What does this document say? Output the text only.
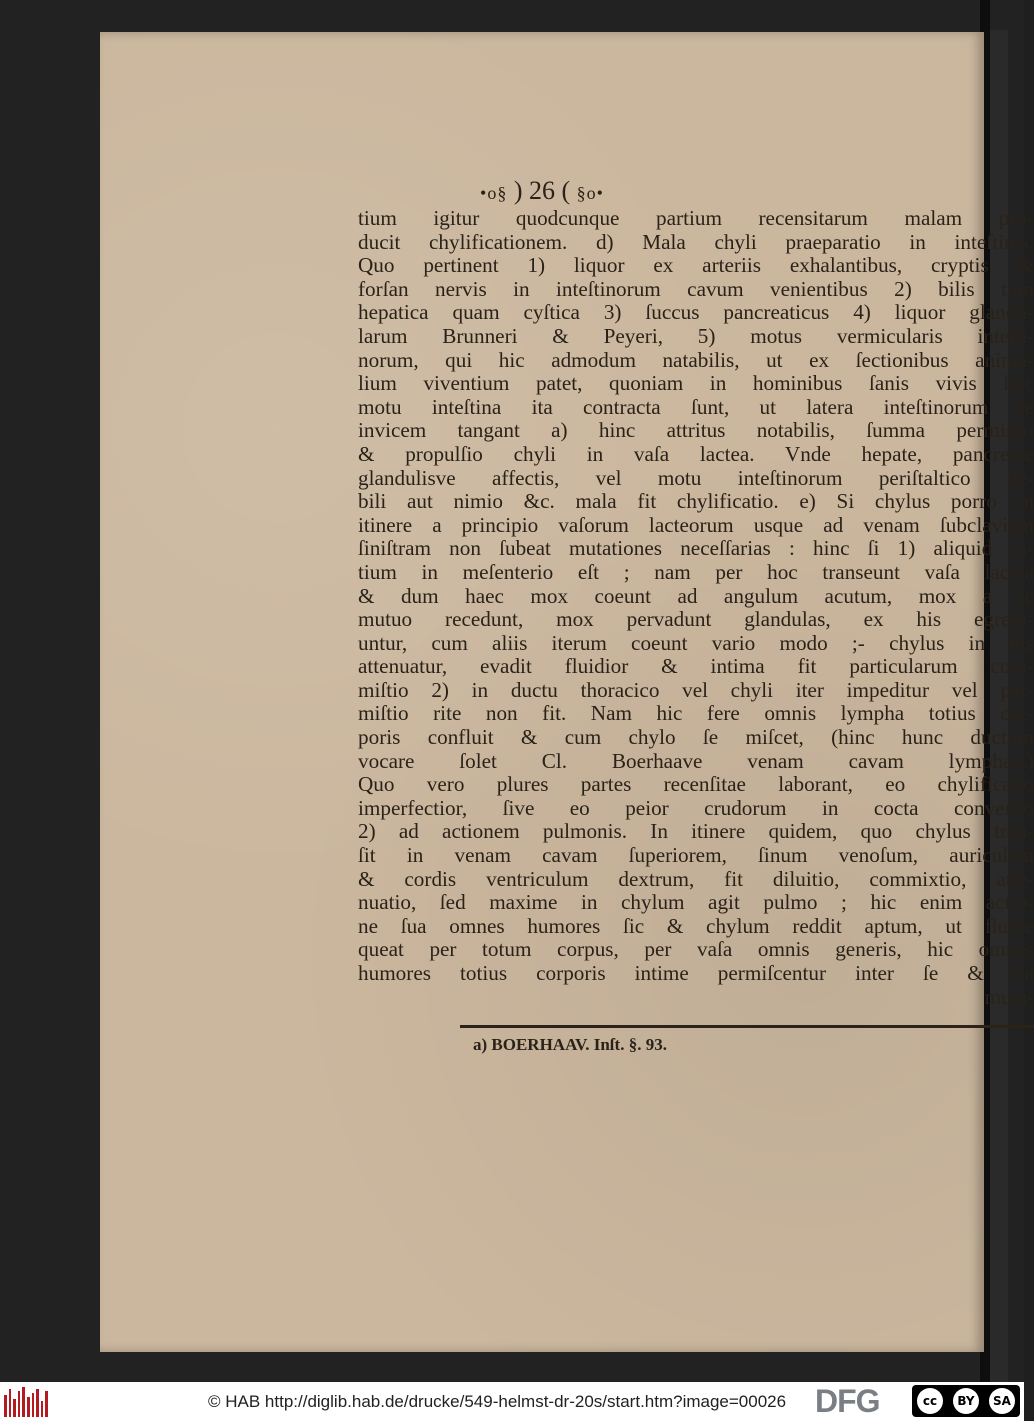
•o§ ) 26 ( §o•
tium igitur quodcunque partium recensitarum malam pro-
ducit chylificationem. d) Mala chyli praeparatio in inteſtinis.
Quo pertinent 1) liquor ex arteriis exhalantibus, cryptis &
forſan nervis in inteſtinorum cavum venientibus 2) bilis tum
hepatica quam cyſtica 3) ſuccus pancreaticus 4) liquor glandu-
larum Brunneri & Peyeri, 5) motus vermicularis inteſti-
norum, qui hic admodum natabilis, ut ex ſectionibus anima-
lium viventium patet, quoniam in hominibus ſanis vivis hoc
motu inteſtina ita contracta ſunt, ut latera inteſtinorum ſe
invicem tangant a) hinc attritus notabilis, ſumma permiſtio
& propulſio chyli in vaſa lactea. Vnde hepate, pancreate
glandulisve affectis, vel motu inteſtinorum periſtaltico de-
bili aut nimio &c. mala fit chylificatio. e) Si chylus porro in
itinere a principio vaſorum lacteorum usque ad venam ſubclaviam
ſiniſtram non ſubeat mutationes neceſſarias : hinc ſi 1) aliquid vi-
tium in meſenterio eſt ; nam per hoc transeunt vaſa lactea
& dum haec mox coeunt ad angulum acutum, mox a ſe
mutuo recedunt, mox pervadunt glandulas, ex his egredi-
untur, cum aliis iterum coeunt vario modo ;- chylus in his
attenuatur, evadit fluidior & intima fit particularum com-
miſtio 2) in ductu thoracico vel chyli iter impeditur vel per-
miſtio rite non fit. Nam hic fere omnis lympha totius cor-
poris confluit & cum chylo ſe miſcet, (hinc hunc ductum
vocare ſolet Cl. Boerhaave venam cavam lymphae.)
Quo vero plures partes recenſitae laborant, eo chylificatio
imperfectior, ſive eo peior crudorum in cocta converſio
2) ad actionem pulmonis. In itinere quidem, quo chylus tran-
ſit in venam cavam ſuperiorem, ſinum venoſum, auriculam
& cordis ventriculum dextrum, fit diluitio, commixtio, atte-
nuatio, ſed maxime in chylum agit pulmo ; hic enim actio-
ne ſua omnes humores ſic & chylum reddit aptum, ut fluere
queat per totum corpus, per vaſa omnis generis, hic omnes
humores totius corporis intime permiſcentur inter ſe & ita
muta-
a) BOERHAAV. Inſt. §. 93.
© HAB http://diglib.hab.de/drucke/549-helmst-dr-20s/start.htm?image=00026 DFG	cc	BY	SA
